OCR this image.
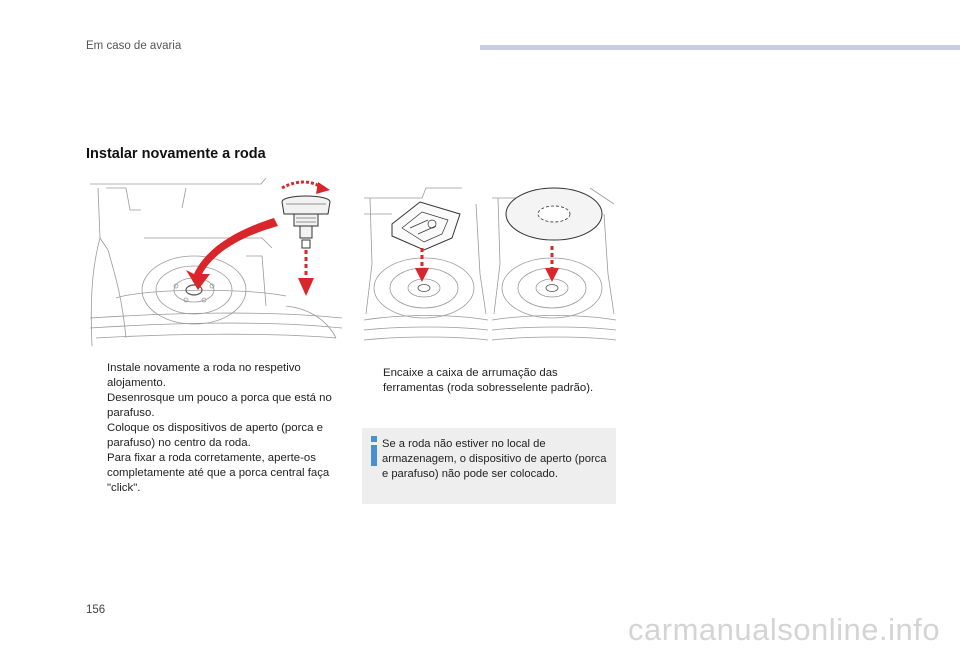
Em caso de avaria
Instalar novamente a roda
Instale novamente a roda no respetivo alojamento.
Desenrosque um pouco a porca que está no parafuso.
Coloque os dispositivos de aperto (porca e parafuso) no centro da roda.
Para fixar a roda corretamente, aperte-os completamente até que a porca central faça "click".
Encaixe a caixa de arrumação das ferramentas (roda sobresselente padrão).
Se a roda não estiver no local de armazenagem, o dispositivo de aperto (porca e parafuso) não pode ser colocado.
156
carmanualsonline.info
